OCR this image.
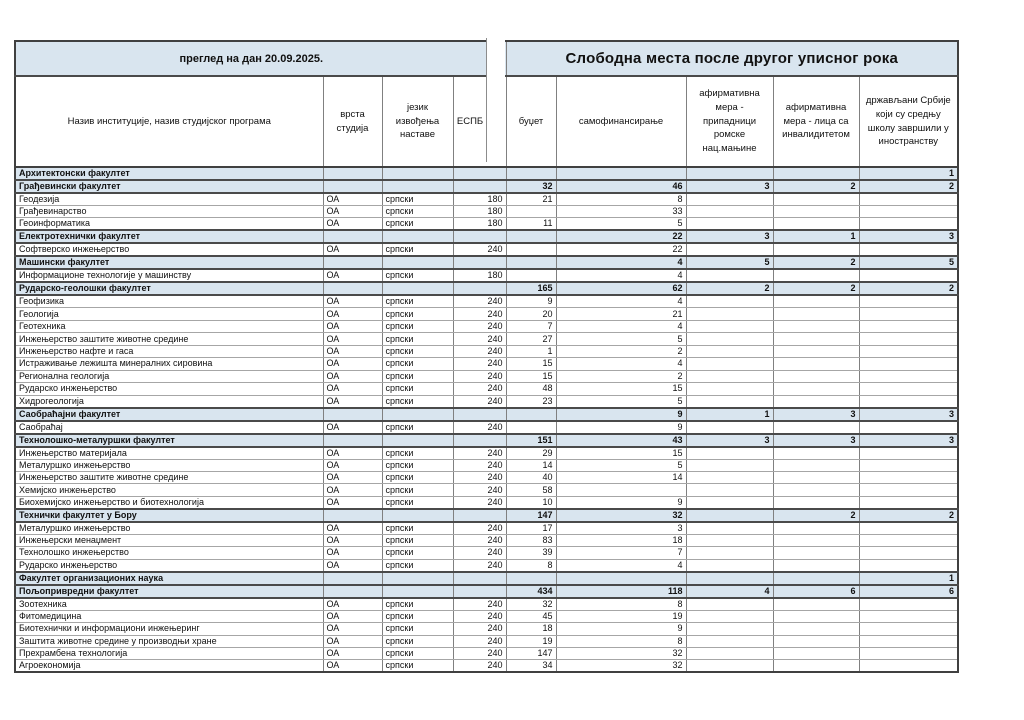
преглед на дан 20.09.2025.				Слободна места после другог уписног рока				
Назив институције, назив студијског програма	врста студија	језик извођења наставе	ЕСПБ	буџет	самофинансирање	афирмативна мера - припадници ромске нац.мањине	афирмативна мера - лица са инвалидитетом	држављани Србије који су средњу школу завршили у иностранству
Архитектонски факултет								1
Грађевински факултет				32	46	3	2	2
Геодезија	ОА	српски	180	21	8			
Грађевинарство	ОА	српски	180		33			
Геоинформатика	ОА	српски	180	11	5			
Електротехнички факултет					22	3	1	3
Софтверско инжењерство	ОА	српски	240		22			
Машински факултет					4	5	2	5
Информационе технологије у машинству	ОА	српски	180		4			
Рударско-геолошки факултет				165	62	2	2	2
Геофизика	ОА	српски	240	9	4			
Геологија	ОА	српски	240	20	21			
Геотехника	ОА	српски	240	7	4			
Инжењерство заштите животне средине	ОА	српски	240	27	5			
Инжењерство нафте и гаса	ОА	српски	240	1	2			
Истраживање лежишта минералних сировина	ОА	српски	240	15	4			
Регионална геологија	ОА	српски	240	15	2			
Рударско инжењерство	ОА	српски	240	48	15			
Хидрогеологија	ОА	српски	240	23	5			
Саобраћајни факултет					9	1	3	3
Саобраћај	ОА	српски	240		9			
Технолошко-металуршки факултет				151	43	3	3	3
Инжењерство материјала	ОА	српски	240	29	15			
Металуршко инжењерство	ОА	српски	240	14	5			
Инжењерство заштите животне средине	ОА	српски	240	40	14			
Хемијско инжењерство	ОА	српски	240	58				
Биохемијско инжењерство и биотехнологија	ОА	српски	240	10	9			
Технички факултет у Бору				147	32		2	2
Металуршко инжењерство	ОА	српски	240	17	3			
Инжењерски менаџмент	ОА	српски	240	83	18			
Технолошко инжењерство	ОА	српски	240	39	7			
Рударско инжењерство	ОА	српски	240	8	4			
Факултет организационих наука								1
Пољопривредни факултет				434	118	4	6	6
Зоотехника	ОА	српски	240	32	8			
Фитомедицина	ОА	српски	240	45	19			
Биотехнички и информациони инжењеринг	ОА	српски	240	18	9			
Заштита животне средине у производњи хране	ОА	српски	240	19	8			
Прехрамбена технологија	ОА	српски	240	147	32			
Агроекономија	ОА	српски	240	34	32			
